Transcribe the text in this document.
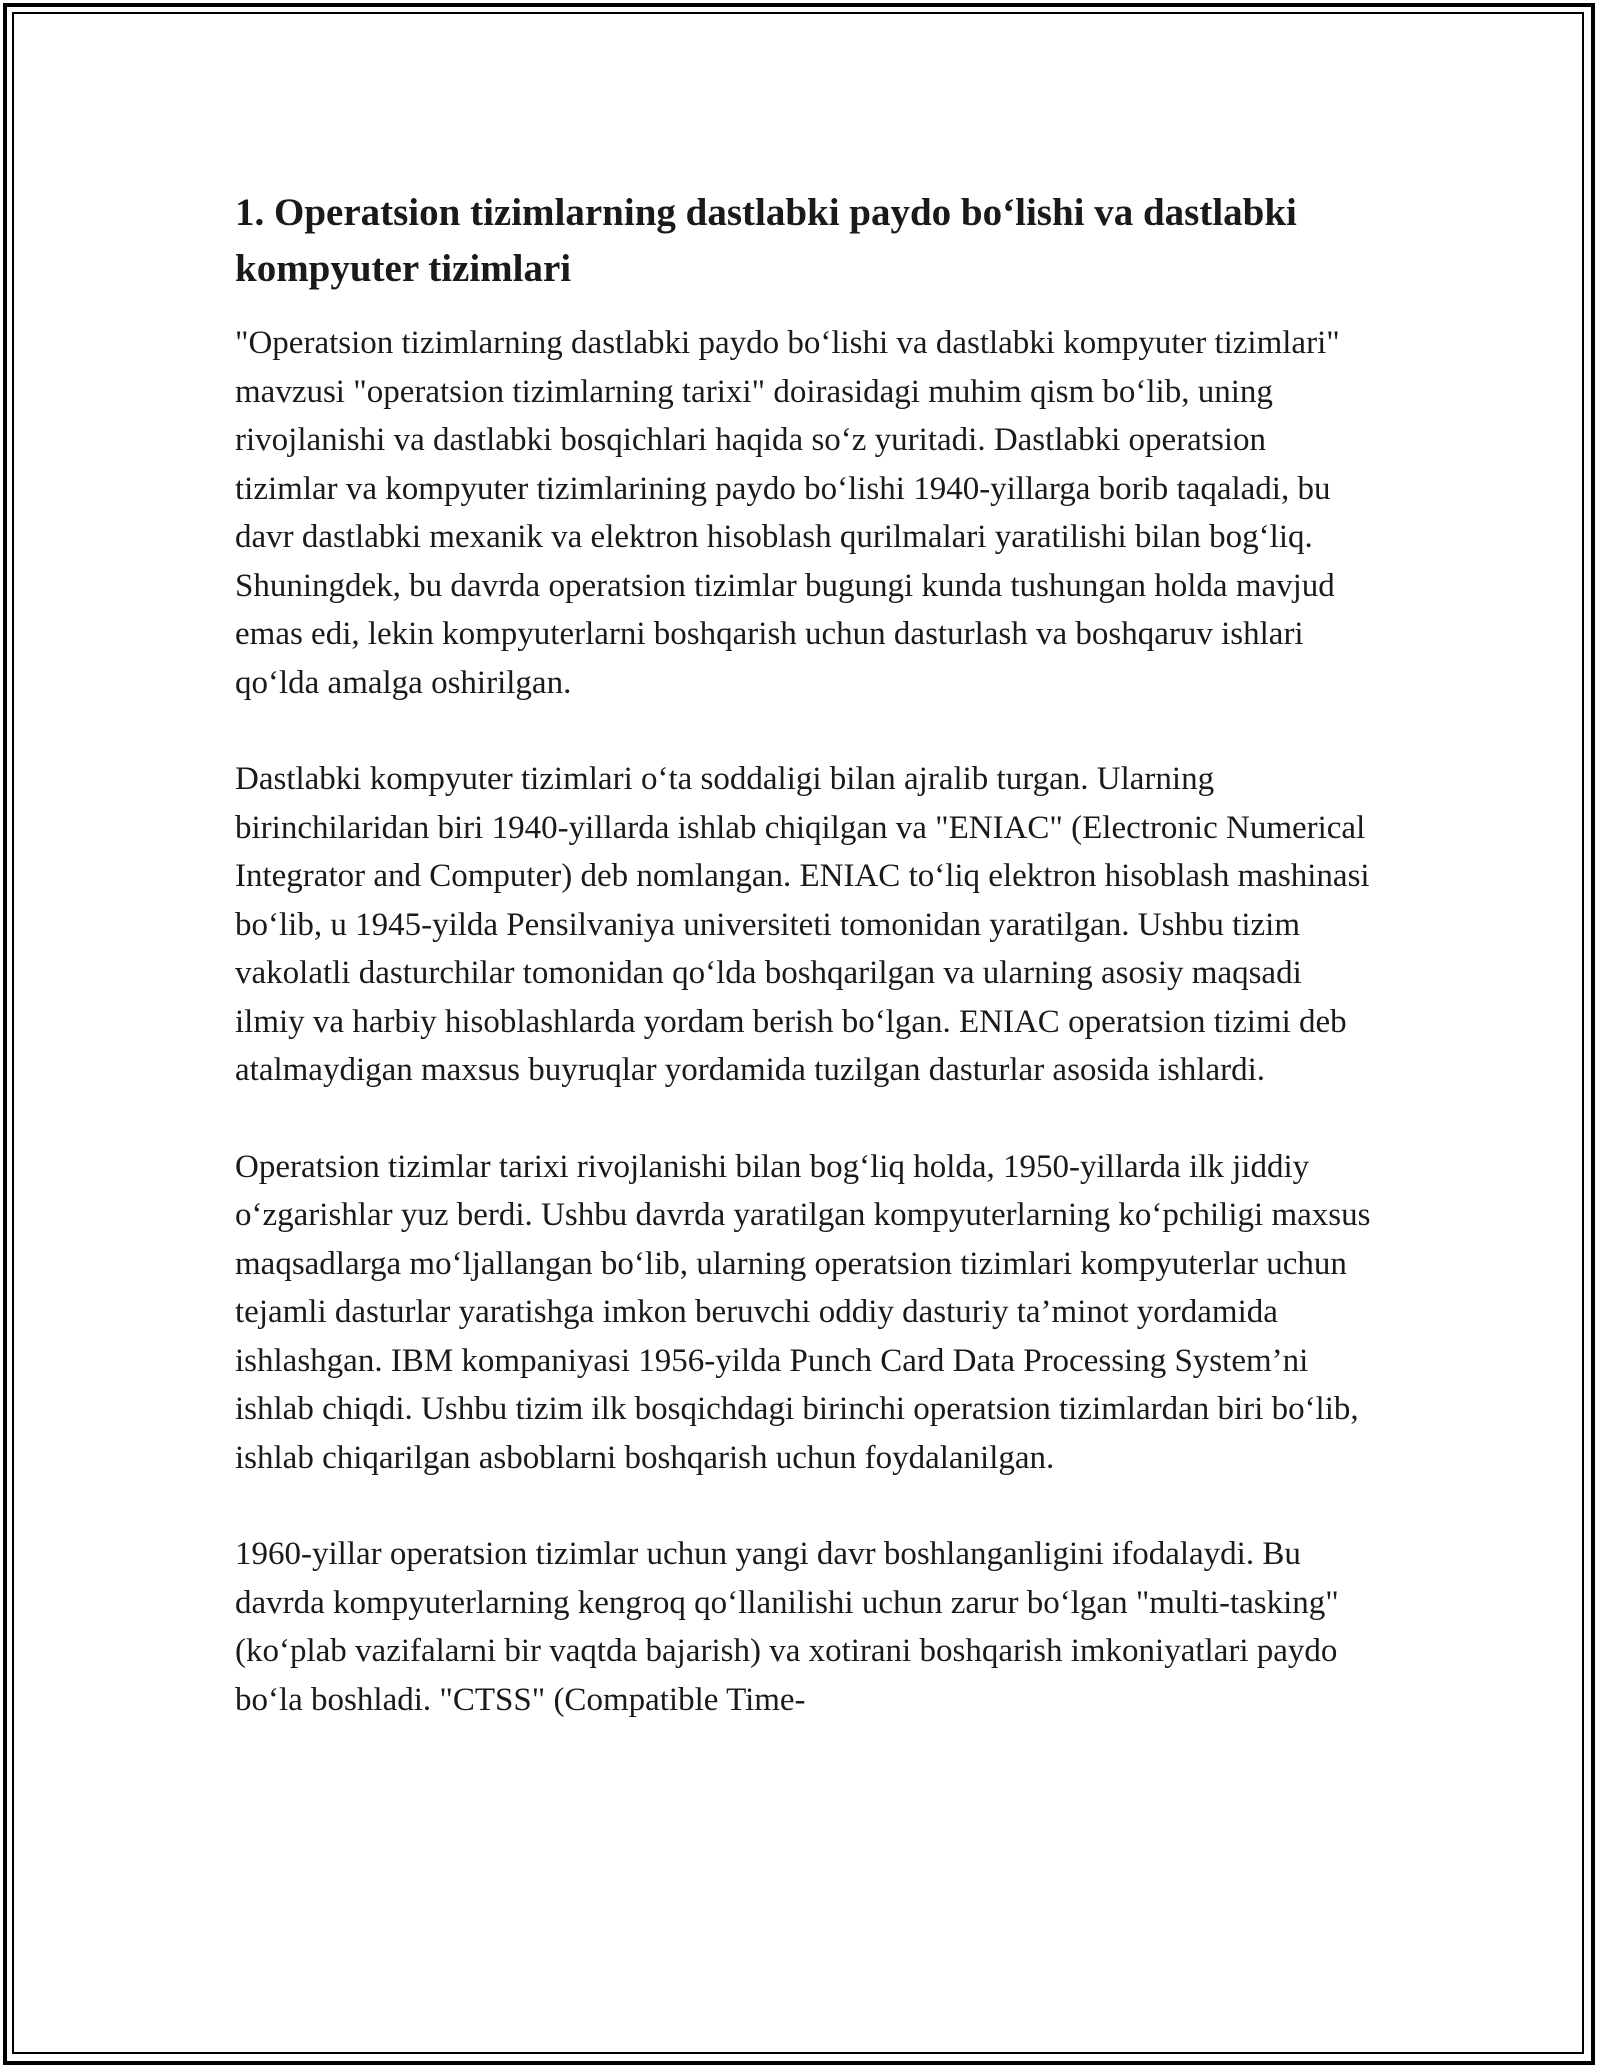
1. Operatsion tizimlarning dastlabki paydo bo‘lishi va dastlabki kompyuter tizimlari

"Operatsion tizimlarning dastlabki paydo bo‘lishi va dastlabki kompyuter tizimlari" mavzusi "operatsion tizimlarning tarixi" doirasidagi muhim qism bo‘lib, uning rivojlanishi va dastlabki bosqichlari haqida so‘z yuritadi. Dastlabki operatsion tizimlar va kompyuter tizimlarining paydo bo‘lishi 1940-yillarga borib taqaladi, bu davr dastlabki mexanik va elektron hisoblash qurilmalari yaratilishi bilan bog‘liq. Shuningdek, bu davrda operatsion tizimlar bugungi kunda tushungan holda mavjud emas edi, lekin kompyuterlarni boshqarish uchun dasturlash va boshqaruv ishlari qo‘lda amalga oshirilgan.

Dastlabki kompyuter tizimlari o‘ta soddaligi bilan ajralib turgan. Ularning birinchilaridan biri 1940-yillarda ishlab chiqilgan va "ENIAC" (Electronic Numerical Integrator and Computer) deb nomlangan. ENIAC to‘liq elektron hisoblash mashinasi bo‘lib, u 1945-yilda Pensilvaniya universiteti tomonidan yaratilgan. Ushbu tizim vakolatli dasturchilar tomonidan qo‘lda boshqarilgan va ularning asosiy maqsadi ilmiy va harbiy hisoblashlarda yordam berish bo‘lgan. ENIAC operatsion tizimi deb atalmaydigan maxsus buyruqlar yordamida tuzilgan dasturlar asosida ishlardi.

Operatsion tizimlar tarixi rivojlanishi bilan bog‘liq holda, 1950-yillarda ilk jiddiy o‘zgarishlar yuz berdi. Ushbu davrda yaratilgan kompyuterlarning ko‘pchiligi maxsus maqsadlarga mo‘ljallangan bo‘lib, ularning operatsion tizimlari kompyuterlar uchun tejamli dasturlar yaratishga imkon beruvchi oddiy dasturiy ta’minot yordamida ishlashgan. IBM kompaniyasi 1956-yilda Punch Card Data Processing System’ni ishlab chiqdi. Ushbu tizim ilk bosqichdagi birinchi operatsion tizimlardan biri bo‘lib, ishlab chiqarilgan asboblarni boshqarish uchun foydalanilgan.

1960-yillar operatsion tizimlar uchun yangi davr boshlanganligini ifodalaydi. Bu davrda kompyuterlarning kengroq qo‘llanilishi uchun zarur bo‘lgan "multi-tasking" (ko‘plab vazifalarni bir vaqtda bajarish) va xotirani boshqarish imkoniyatlari paydo bo‘la boshladi. "CTSS" (Compatible Time-
